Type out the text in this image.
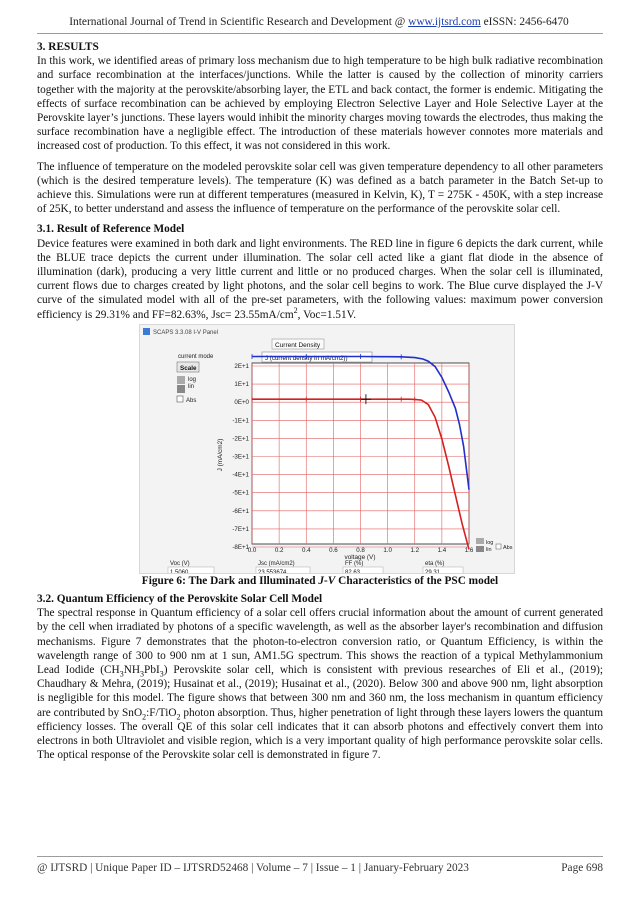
International Journal of Trend in Scientific Research and Development @ www.ijtsrd.com eISSN: 2456-6470

3. RESULTS

In this work, we identified areas of primary loss mechanism due to high temperature to be high bulk radiative recombination and surface recombination at the interfaces/junctions. While the latter is caused by the collection of minority carriers together with the majority at the perovskite/absorbing layer, the ETL and back contact, the former is endemic. Mitigating the effects of surface recombination can be achieved by employing Electron Selective Layer and Hole Selective Layer at the Perovskite layer’s junctions. These layers would inhibit the minority charges moving towards the electrodes, thus making the surface recombination have a negligible effect. The introduction of these materials however connotes more materials and increased cost of production. To this effect, it was not considered in this work.

The influence of temperature on the modeled perovskite solar cell was given temperature dependency to all other parameters (which is the desired temperature levels). The temperature (K) was defined as a batch parameter in the Batch Set-up to achieve this. Simulations were run at different temperatures (measured in Kelvin, K), T = 275K - 450K, with a step increase of 25K, to better understand and assess the influence of temperature on the performance of the perovskite solar cell.

3.1. Result of Reference Model

Device features were examined in both dark and light environments. The RED line in figure 6 depicts the dark current, while the BLUE trace depicts the current under illumination. The solar cell acted like a giant flat diode in the absence of illumination (dark), producing a very little current and little or no produced charges. When the solar cell is illuminated, current flows due to charges created by light photons, and the solar cell begins to work. The Blue curve displayed the J-V curve of the simulated model with all of the pre-set parameters, with the following values: maximum power conversion efficiency is 29.31% and FF=82.63%, $Jsc= 23.55mA/cm^2$, Voc=1.51V.

SCAPS 3.3.08 I-V Panel
Current Density
current mode	J (current density in mA/cm2))
Scale
log
lin
Abs
2E+1
1E+1
0E+0
-1E+1
-2E+1
-3E+1
-4E+1
-5E+1
-6E+1
-7E+1
-8E+1
0.0	0.2	0.4	0.6	0.8	1.0	1.2	1.4	1.6
J (mA/cm2)
voltage (V)
log
lin Abs
Voc (V)
1.5060
Jsc (mA/cm2)
23.553674
FF (%)
82.63
eta (%)
29.31

Figure 6: The Dark and Illuminated J-V Characteristics of the PSC model

3.2. Quantum Efficiency of the Perovskite Solar Cell Model

The spectral response in Quantum efficiency of a solar cell offers crucial information about the amount of current generated by the cell when irradiated by photons of a specific wavelength, as well as the absorber layer's recombination and diffusion mechanisms. Figure 7 demonstrates that the photon-to-electron conversion ratio, or Quantum Efficiency, is within the wavelength range of 300 to 900 nm at 1 sun, AM1.5G spectrum. This shows the reaction of a typical Methylammonium Lead Iodide $(CH_3NH_3PbI_3)$ Perovskite solar cell, which is consistent with previous researches of Eli et al., (2019); Chaudhary & Mehra, (2019); Husainat et al., (2019); Husainat et al., (2020). Below 300 and above 900 nm, light absorption is negligible for this model. The figure shows that between 300 nm and 360 nm, the loss mechanism in quantum efficiency are contributed by SnO$_2$:F/TiO$_2$ photon absorption. Thus, higher penetration of light through these layers lowers the quantum efficiency losses. The overall QE of this solar cell indicates that it can absorb photons and effectively convert them into electrons in both Ultraviolet and visible region, which is a very important quality of high performance perovskite solar cells. The optical response of the Perovskite solar cell is demonstrated in figure 7.

@ IJTSRD | Unique Paper ID – IJTSRD52468 | Volume – 7 | Issue – 1 | January-February 2023	Page 698
